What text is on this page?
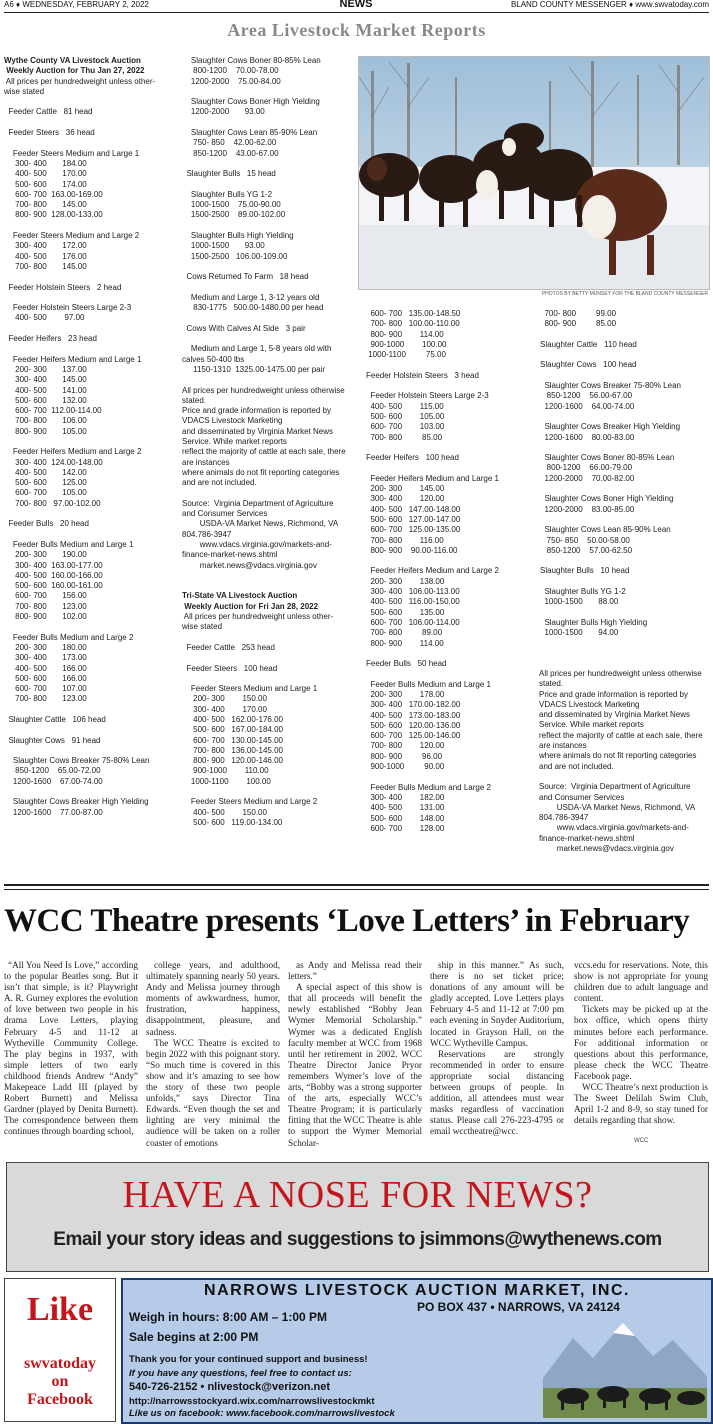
A6 ♦ WEDNESDAY, FEBRUARY 2, 2022	NEWS	BLAND COUNTY MESSENGER ♦ www.swvatoday.com
Area Livestock Market Reports
Wythe County VA Livestock Auction
Weekly Auction for Thu Jan 27, 2022
All prices per hundredweight unless other-
wise stated

Feeder Cattle   81 head

Feeder Steers   36 head

Feeder Steers Medium and Large 1
300- 400       184.00
400- 500       170.00
500- 600       174.00
600- 700  163.00-169.00
700- 800       145.00
800- 900  128.00-133.00

Feeder Steers Medium and Large 2
300- 400       172.00
400- 500       176.00
700- 800       145.00

Feeder Holstein Steers   2 head

Feeder Holstein Steers Large 2-3
400- 500        97.00

Feeder Heifers   23 head

Feeder Heifers Medium and Large 1
200- 300       137.00
300- 400       145.00
400- 500       141.00
500- 600       132.00
600- 700  112.00-114.00
700- 800       106.00
800- 900       105.00

Feeder Heifers Medium and Large 2
300- 400  124.00-148.00
400- 500       142.00
500- 600       125.00
600- 700       105.00
700- 800   97.00-102.00

Feeder Bulls   20 head

Feeder Bulls Medium and Large 1
200- 300       190.00
300- 400  163.00-177.00
400- 500  160.00-166.00
500- 600  160.00-161.00
600- 700       156.00
700- 800       123.00
800- 900       102.00

Feeder Bulls Medium and Large 2
200- 300       180.00
300- 400       173.00
400- 500       166.00
500- 600       166.00
600- 700       107.00
700- 800       123.00

Slaughter Cattle   106 head

Slaughter Cows   91 head

Slaughter Cows Breaker 75-80% Lean
850-1200    65.00-72.00
1200-1600    67.00-74.00

Slaughter Cows Breaker High Yielding
1200-1600    77.00-87.00
Slaughter Cows Boner 80-85% Lean
800-1200    70.00-78.00
1200-2000    75.00-84.00

Slaughter Cows Boner High Yielding
1200-2000       93.00

Slaughter Cows Lean 85-90% Lean
750- 850    42.00-62.00
850-1200    43.00-67.00

Slaughter Bulls   15 head

Slaughter Bulls YG 1-2
1000-1500    75.00-90.00
1500-2500    89.00-102.00

Slaughter Bulls High Yielding
1000-1500       93.00
1500-2500   106.00-109.00

Cows Returned To Farm   18 head

Medium and Large 1, 3-12 years old
830-1775   500.00-1480.00 per head

Cows With Calves At Side   3 pair

Medium and Large 1, 5-8 years old with
calves 50-400 lbs
1150-1310  1325.00-1475.00 per pair

All prices per hundredweight unless otherwise
stated.
Price and grade information is reported by
VDACS Livestock Marketing
and disseminated by Virginia Market News
Service. While market reports
reflect the majority of cattle at each sale, there
are instances
where animals do not fit reporting categories
and are not included.

Source:  Virginia Department of Agriculture
and Consumer Services
USDA-VA Market News, Richmond, VA
804.786-3947
www.vdacs.virginia.gov/markets-and-
finance-market-news.shtml
market.news@vdacs.virginia.gov

Tri-State VA Livestock Auction
Weekly Auction for Fri Jan 28, 2022
All prices per hundredweight unless other-
wise stated

Feeder Cattle   253 head

Feeder Steers   100 head

Feeder Steers Medium and Large 1
200- 300        150.00
300- 400        170.00
400- 500   162.00-176.00
500- 600   167.00-184.00
600- 700   130.00-145.00
700- 800   136.00-145.00
800- 900   120.00-146.00
900-1000        110.00
1000-1100        100.00

Feeder Steers Medium and Large 2
400- 500        150.00
500- 600   119.00-134.00
600- 700   135.00-148.50
700- 800   100.00-110.00
800- 900        114.00
900-1000        100.00
1000-1100         75.00

Feeder Holstein Steers   3 head

Feeder Holstein Steers Large 2-3
400- 500        115.00
500- 600        105.00
600- 700        103.00
700- 800         85.00

Feeder Heifers   100 head

Feeder Heifers Medium and Large 1
200- 300        145.00
300- 400        120.00
400- 500   147.00-148.00
500- 600   127.00-147.00
600- 700   125.00-135.00
700- 800        116.00
800- 900    90.00-116.00

Feeder Heifers Medium and Large 2
200- 300        138.00
300- 400   106.00-113.00
400- 500   116.00-150.00
500- 600        135.00
600- 700   106.00-114.00
700- 800         89.00
800- 900        114.00

Feeder Bulls   50 head

Feeder Bulls Medium and Large 1
200- 300        178.00
300- 400   170.00-182.00
400- 500   173.00-183.00
500- 600   120.00-136.00
600- 700   125.00-146.00
700- 800        120.00
800- 900         96.00
900-1000         90.00

Feeder Bulls Medium and Large 2
300- 400        182.00
400- 500        131.00
500- 600        148.00
600- 700        128.00
700- 800         99.00
800- 900         85.00

Slaughter Cattle   110 head

Slaughter Cows   100 head

Slaughter Cows Breaker 75-80% Lean
850-1200    56.00-67.00
1200-1600    64.00-74.00

Slaughter Cows Breaker High Yielding
1200-1600    80.00-83.00

Slaughter Cows Boner 80-85% Lean
800-1200    66.00-79.00
1200-2000    70.00-82.00

Slaughter Cows Boner High Yielding
1200-2000    83.00-85.00

Slaughter Cows Lean 85-90% Lean
750- 850    50.00-58.00
850-1200    57.00-62.50

Slaughter Bulls   10 head

Slaughter Bulls YG 1-2
1000-1500       88.00

Slaughter Bulls High Yielding
1000-1500       94.00
All prices per hundredweight unless otherwise
stated.
Price and grade information is reported by
VDACS Livestock Marketing
and disseminated by Virginia Market News
Service. While market reports
reflect the majority of cattle at each sale, there
are instances
where animals do not fit reporting categories
and are not included.

Source:  Virginia Department of Agriculture
and Consumer Services
USDA-VA Market News, Richmond, VA
804.786-3947
www.vdacs.virginia.gov/markets-and-
finance-market-news.shtml
market.news@vdacs.virginia.gov
PHOTOS BY BETTY MUNSEY FOR THE BLAND COUNTY MESSENGER
WCC Theatre presents ‘Love Letters’ in February

“All You Need Is Love,” according to the popular Beatles song. But it isn’t that simple, is it? Playwright A. R. Gurney explores the evolution of love between two people in his drama Love Letters, playing February 4-5 and 11-12 at Wytheville Community College. The play begins in 1937, with simple letters of two early childhood friends Andrew “Andy” Makepeace Ladd III (played by Robert Burnett) and Melissa Gardner (played by Denita Burnett). The correspondence between them continues through boarding school,

college years, and adulthood, ultimately spanning nearly 50 years. Andy and Melissa journey through moments of awkwardness, humor, frustration, happiness, disappointment, pleasure, and sadness.

The WCC Theatre is excited to begin 2022 with this poignant story. “So much time is covered in this show and it’s amazing to see how the story of these two people unfolds,” says Director Tina Edwards. “Even though the set and lighting are very minimal the audience will be taken on a roller coaster of emotions

as Andy and Melissa read their letters.”

A special aspect of this show is that all proceeds will benefit the newly established “Bobby Jean Wymer Memorial Scholarship.” Wymer was a dedicated English faculty member at WCC from 1968 until her retirement in 2002. WCC Theatre Director Janice Pryor remembers Wymer’s love of the arts, “Bobby was a strong supporter of the arts, especially WCC’s Theatre Program; it is particularly fitting that the WCC Theatre is able to support the Wymer Memorial Scholar-

ship in this manner.” As such, there is no set ticket price; donations of any amount will be gladly accepted. Love Letters plays February 4-5 and 11-12 at 7:00 pm each evening in Snyder Auditorium, located in Grayson Hall, on the WCC Wytheville Campus.

Reservations are strongly recommended in order to ensure appropriate social distancing between groups of people. In addition, all attendees must wear masks regardless of vaccination status. Please call 276-223-4795 or email wcctheatre@wcc.

vccs.edu for reservations. Note, this show is not appropriate for young children due to adult language and content.

Tickets may be picked up at the box office, which opens thirty minutes before each performance. For additional information or questions about this performance, please check the WCC Theatre Facebook page.

WCC Theatre’s next production is The Sweet Delilah Swim Club, April 1-2 and 8-9, so stay tuned for details regarding that show.

WCC
HAVE A NOSE FOR NEWS?
Email your story ideas and suggestions to jsimmons@wythenews.com
Like
swvatoday
on
Facebook
NARROWS LIVESTOCK AUCTION MARKET, INC.
PO BOX 437 • NARROWS, VA 24124
Weigh in hours: 8:00 AM – 1:00 PM
Sale begins at 2:00 PM
Thank you for your continued support and business!
If you have any questions, feel free to contact us:
540-726-2152 • nlivestock@verizon.net
http://narrowsstockyard.wix.com/narrowslivestockmkt
Like us on facebook: www.facebook.com/narrowslivestock
